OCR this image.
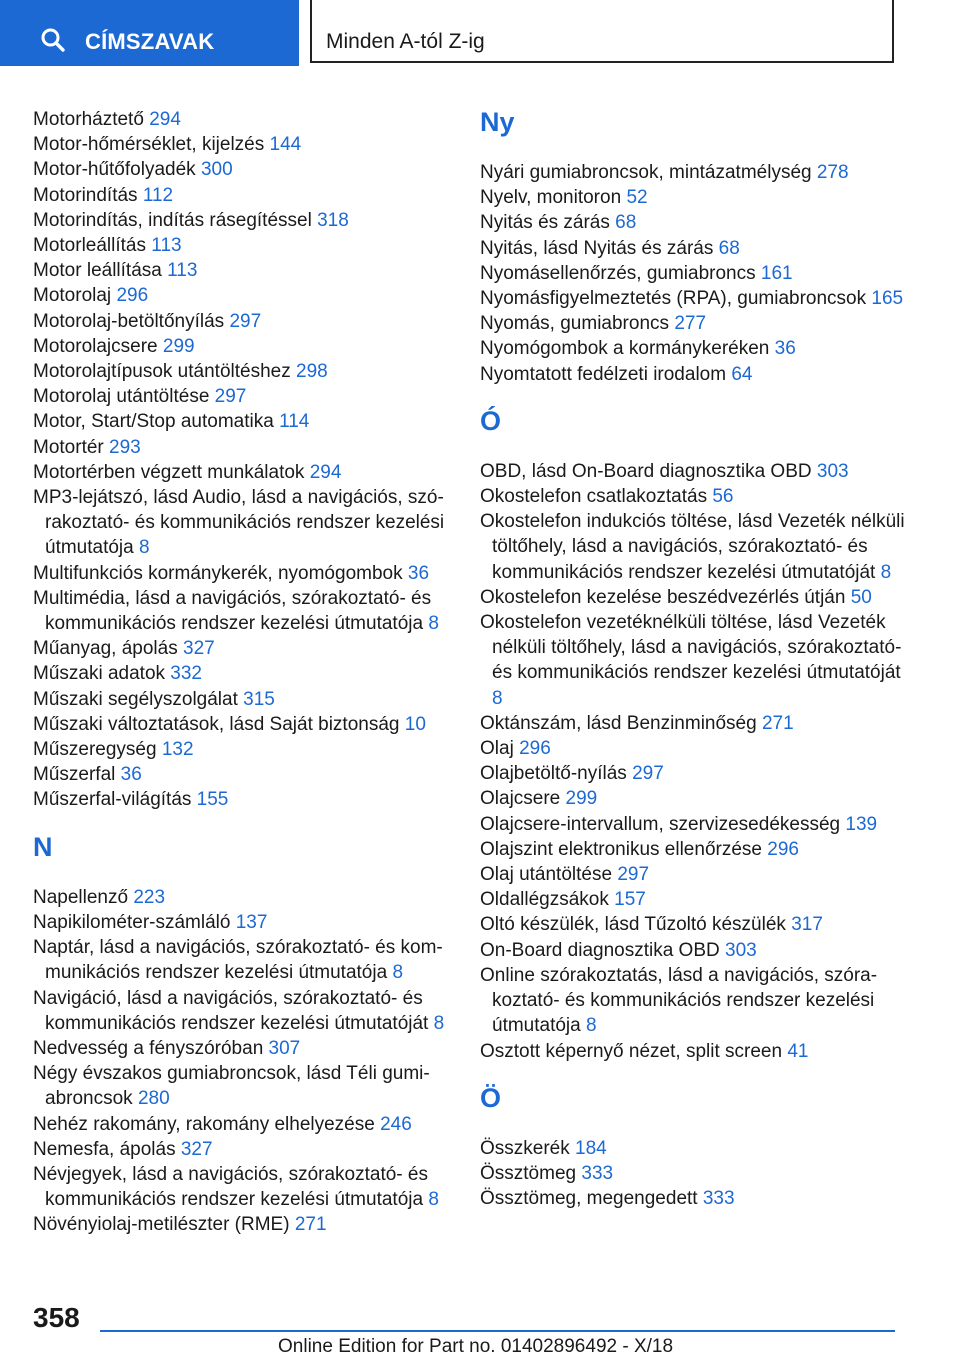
CÍMSZAVAK	Minden A-tól Z-ig
Motorháztető 294
Motor-hőmérséklet, kijelzés 144
Motor-hűtőfolyadék 300
Motorindítás 112
Motorindítás, indítás rásegítéssel 318
Motorleállítás 113
Motor leállítása 113
Motorolaj 296
Motorolaj-betöltőnyílás 297
Motorolajcsere 299
Motorolajtípusok utántöltéshez 298
Motorolaj utántöltése 297
Motor, Start/Stop automatika 114
Motortér 293
Motortérben végzett munkálatok 294
MP3-lejátszó, lásd Audio, lásd a navigációs, szórakoztató- és kommunikációs rendszer kezelési útmutatója 8
Multifunkciós kormánykerék, nyomógombok 36
Multimédia, lásd a navigációs, szórakoztató- és kommunikációs rendszer kezelési útmutatója 8
Műanyag, ápolás 327
Műszaki adatok 332
Műszaki segélyszolgálat 315
Műszaki változtatások, lásd Saját biztonság 10
Műszeregység 132
Műszerfal 36
Műszerfal-világítás 155
N
Napellenző 223
Napikilométer-számláló 137
Naptár, lásd a navigációs, szórakoztató- és kommunikációs rendszer kezelési útmutatója 8
Navigáció, lásd a navigációs, szórakoztató- és kommunikációs rendszer kezelési útmutatóját 8
Nedvesség a fényszóróban 307
Négy évszakos gumiabroncsok, lásd Téli gumiabroncsok 280
Nehéz rakomány, rakomány elhelyezése 246
Nemesfa, ápolás 327
Névjegyek, lásd a navigációs, szórakoztató- és kommunikációs rendszer kezelési útmutatója 8
Növényiolaj-metilészter (RME) 271
Ny
Nyári gumiabroncsok, mintázatmélység 278
Nyelv, monitoron 52
Nyitás és zárás 68
Nyitás, lásd Nyitás és zárás 68
Nyomásellenőrzés, gumiabroncs 161
Nyomásfigyelmeztetés (RPA), gumiabroncsok 165
Nyomás, gumiabroncs 277
Nyomógombok a kormánykeréken 36
Nyomtatott fedélzeti irodalom 64
Ó
OBD, lásd On-Board diagnosztika OBD 303
Okostelefon csatlakoztatás 56
Okostelefon indukciós töltése, lásd Vezeték nélküli töltőhely, lásd a navigációs, szórakoztató- és kommunikációs rendszer kezelési útmutatóját 8
Okostelefon kezelése beszédvezérlés útján 50
Okostelefon vezetéknélküli töltése, lásd Vezeték nélküli töltőhely, lásd a navigációs, szórakoztató- és kommunikációs rendszer kezelési útmutatóját 8
Oktánszám, lásd Benzinminőség 271
Olaj 296
Olajbetöltő-nyílás 297
Olajcsere 299
Olajcsere-intervallum, szervizesedékesség 139
Olajszint elektronikus ellenőrzése 296
Olaj utántöltése 297
Oldallégzsákok 157
Oltó készülék, lásd Tűzoltó készülék 317
On-Board diagnosztika OBD 303
Online szórakoztatás, lásd a navigációs, szórakoztató- és kommunikációs rendszer kezelési útmutatója 8
Osztott képernyő nézet, split screen 41
Ö
Összkerék 184
Össztömeg 333
Össztömeg, megengedett 333
358
Online Edition for Part no. 01402896492 - X/18
